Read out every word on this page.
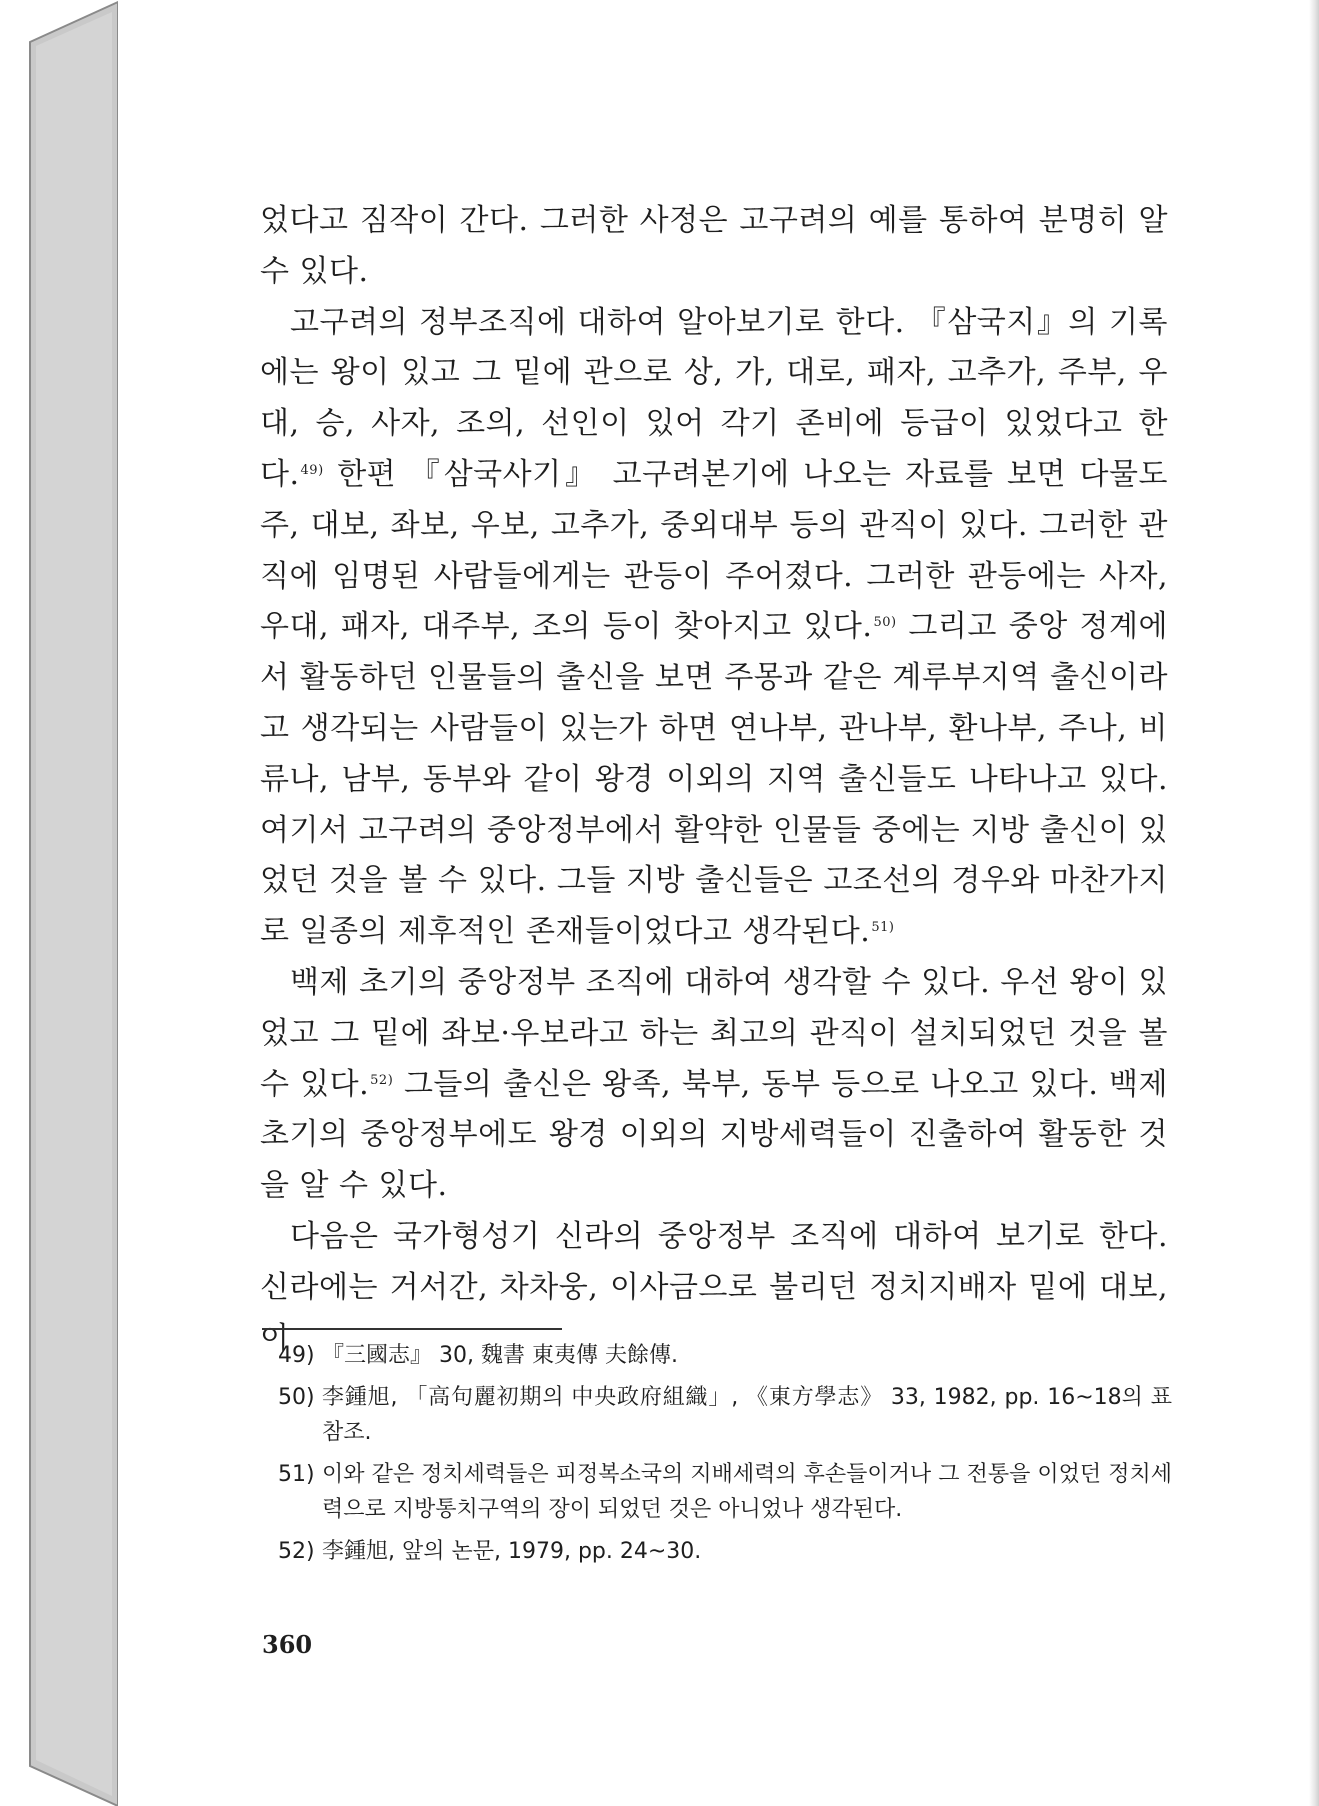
었다고 짐작이 간다. 그러한 사정은 고구려의 예를 통하여 분명히 알 수 있다.

고구려의 정부조직에 대하여 알아보기로 한다. 『삼국지』의 기록에는 왕이 있고 그 밑에 관으로 상, 가, 대로, 패자, 고추가, 주부, 우대, 승, 사자, 조의, 선인이 있어 각기 존비에 등급이 있었다고 한다.$^{49)}$ 한편 『삼국사기』 고구려본기에 나오는 자료를 보면 다물도주, 대보, 좌보, 우보, 고추가, 중외대부 등의 관직이 있다. 그러한 관직에 임명된 사람들에게는 관등이 주어졌다. 그러한 관등에는 사자, 우대, 패자, 대주부, 조의 등이 찾아지고 있다.$^{50)}$ 그리고 중앙 정계에서 활동하던 인물들의 출신을 보면 주몽과 같은 계루부지역 출신이라고 생각되는 사람들이 있는가 하면 연나부, 관나부, 환나부, 주나, 비류나, 남부, 동부와 같이 왕경 이외의 지역 출신들도 나타나고 있다. 여기서 고구려의 중앙정부에서 활약한 인물들 중에는 지방 출신이 있었던 것을 볼 수 있다. 그들 지방 출신들은 고조선의 경우와 마찬가지로 일종의 제후적인 존재들이었다고 생각된다.$^{51)}$

백제 초기의 중앙정부 조직에 대하여 생각할 수 있다. 우선 왕이 있었고 그 밑에 좌보·우보라고 하는 최고의 관직이 설치되었던 것을 볼 수 있다.$^{52)}$ 그들의 출신은 왕족, 북부, 동부 등으로 나오고 있다. 백제 초기의 중앙정부에도 왕경 이외의 지방세력들이 진출하여 활동한 것을 알 수 있다.

다음은 국가형성기 신라의 중앙정부 조직에 대하여 보기로 한다. 신라에는 거서간, 차차웅, 이사금으로 불리던 정치지배자 밑에 대보, 이

49) 『三國志』 30, 魏書 東夷傳 夫餘傳.
50) 李鍾旭, 「高句麗初期의 中央政府組織」, 《東方學志》 33, 1982, pp. 16~18의 표 참조.
51) 이와 같은 정치세력들은 피정복소국의 지배세력의 후손들이거나 그 전통을 이었던 정치세력으로 지방통치구역의 장이 되었던 것은 아니었나 생각된다.
52) 李鍾旭, 앞의 논문, 1979, pp. 24~30.
360
